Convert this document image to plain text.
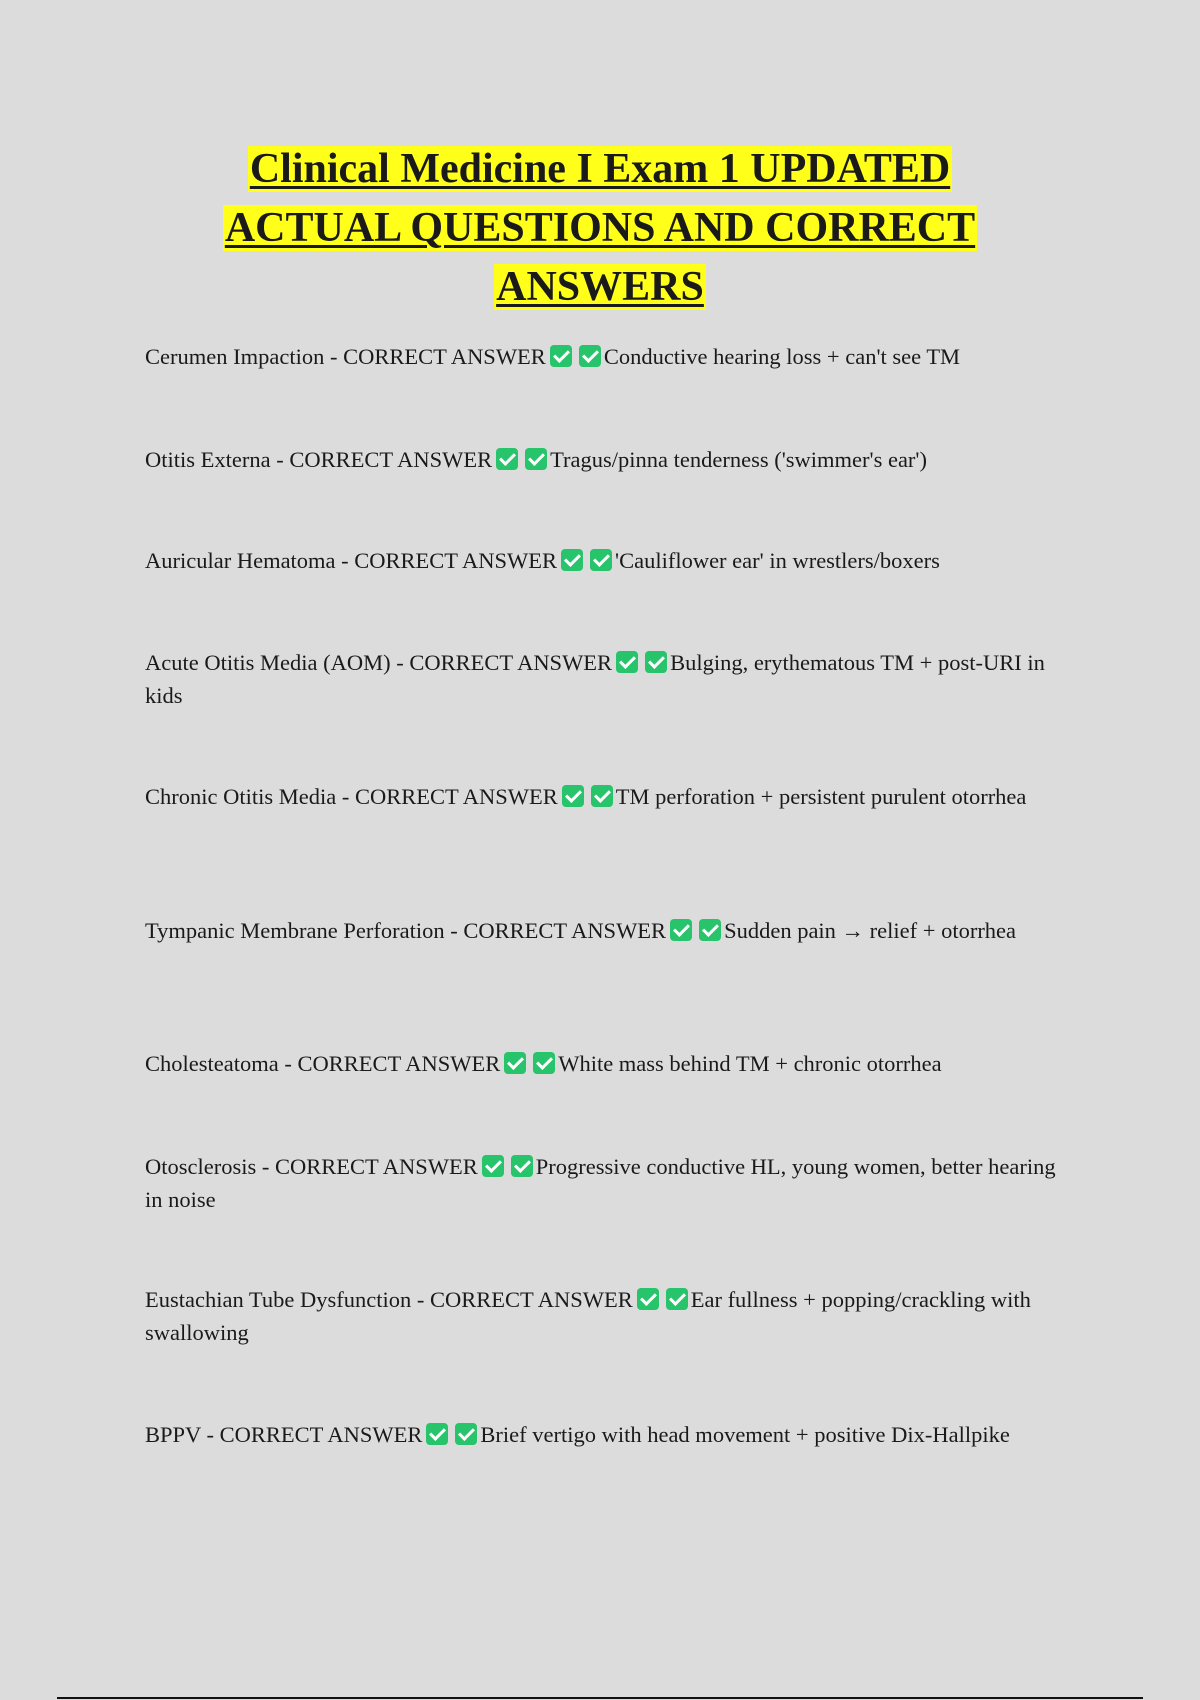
Clinical Medicine I Exam 1 UPDATED
ACTUAL QUESTIONS AND CORRECT
ANSWERS
Cerumen Impaction - CORRECT ANSWER	Conductive hearing loss + can't see TM
Otitis Externa - CORRECT ANSWER	Tragus/pinna tenderness ('swimmer's ear')
Auricular Hematoma - CORRECT ANSWER	'Cauliflower ear' in wrestlers/boxers
Acute Otitis Media (AOM) - CORRECT ANSWER	Bulging, erythematous TM + post-URI in kids
Chronic Otitis Media - CORRECT ANSWER	TM perforation + persistent purulent otorrhea
Tympanic Membrane Perforation - CORRECT ANSWER	Sudden pain → relief + otorrhea
Cholesteatoma - CORRECT ANSWER	White mass behind TM + chronic otorrhea
Otosclerosis - CORRECT ANSWER	Progressive conductive HL, young women, better hearing in noise
Eustachian Tube Dysfunction - CORRECT ANSWER	Ear fullness + popping/crackling with swallowing
BPPV - CORRECT ANSWER	Brief vertigo with head movement + positive Dix-Hallpike
